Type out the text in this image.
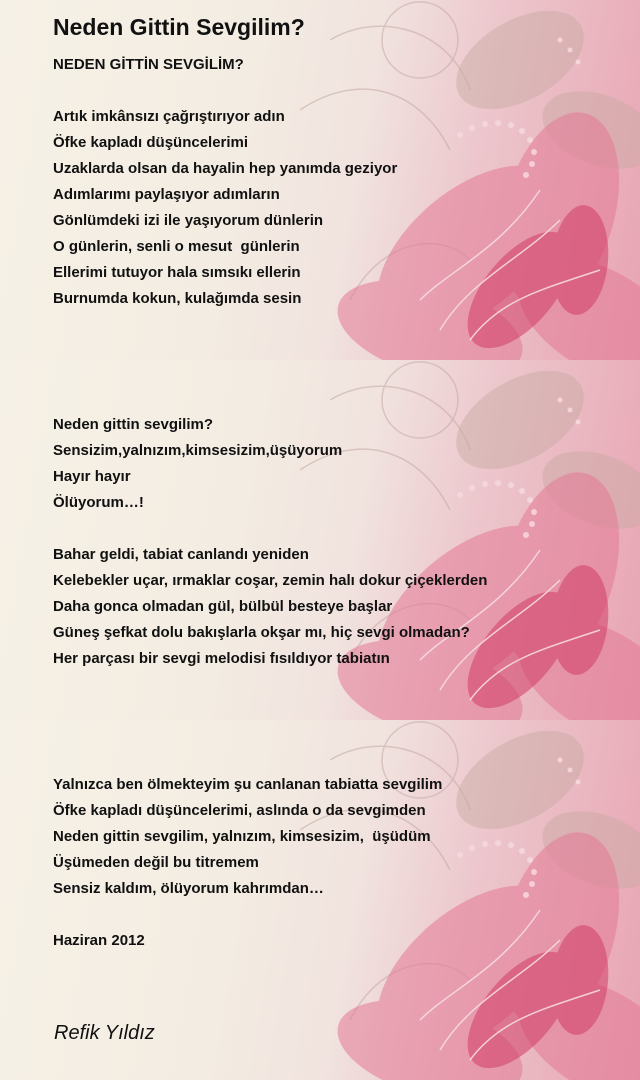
Neden Gittin Sevgilim?
NEDEN GİTTİN SEVGİLİM?
Artık imkânsızı çağrıştırıyor adın
Öfke kapladı düşüncelerimi
Uzaklarda olsan da hayalin hep yanımda geziyor
Adımlarımı paylaşıyor adımların
Gönlümdeki izi ile yaşıyorum dünlerin
O günlerin, senli o mesut  günlerin
Ellerimi tutuyor hala sımsıkı ellerin
Burnumda kokun, kulağımda sesin
Neden gittin sevgilim?
Sensizim,yalnızım,kimsesizim,üşüyorum
Hayır hayır
Ölüyorum…!
Bahar geldi, tabiat canlandı yeniden
Kelebekler uçar, ırmaklar coşar, zemin halı dokur çiçeklerden
Daha gonca olmadan gül, bülbül besteye başlar
Güneş şefkat dolu bakışlarla okşar mı, hiç sevgi olmadan?
Her parçası bir sevgi melodisi fısıldıyor tabiatın
Yalnızca ben ölmekteyim şu canlanan tabiatta sevgilim
Öfke kapladı düşüncelerimi, aslında o da sevgimden
Neden gittin sevgilim, yalnızım, kimsesizim,  üşüdüm
Üşümeden değil bu titremem
Sensiz kaldım, ölüyorum kahrımdan…
Haziran 2012
Refik Yıldız
